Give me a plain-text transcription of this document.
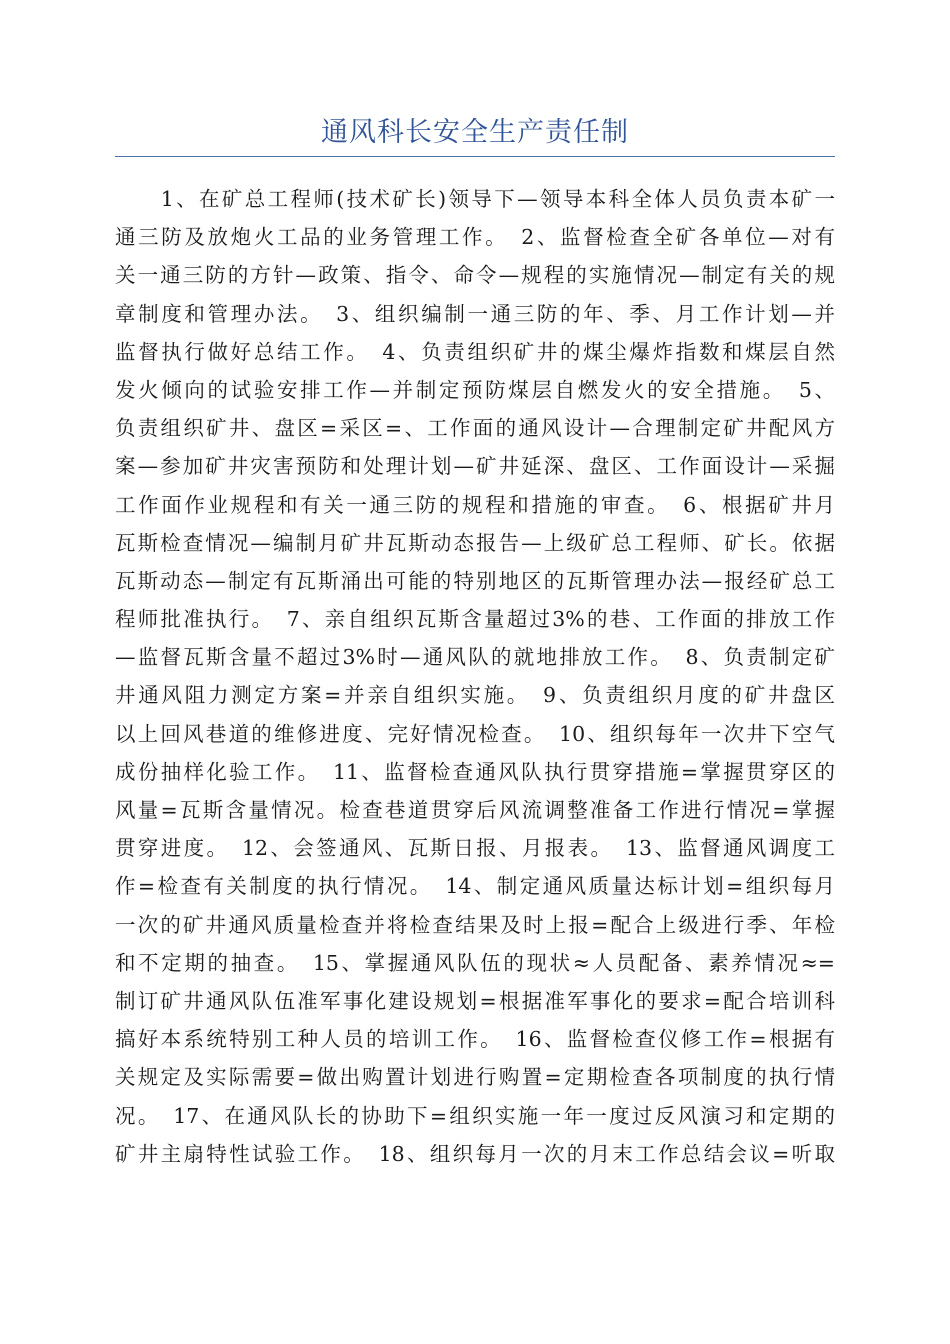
通风科长安全生产责任制
　　1、在矿总工程师(技术矿长)领导下—领导本科全体人员负责本矿一
通三防及放炮火工品的业务管理工作。　2、监督检查全矿各单位—对有
关一通三防的方针—政策、指令、命令—规程的实施情况—制定有关的规
章制度和管理办法。　3、组织编制一通三防的年、季、月工作计划—并
监督执行做好总结工作。　4、负责组织矿井的煤尘爆炸指数和煤层自然
发火倾向的试验安排工作—并制定预防煤层自燃发火的安全措施。　5、
负责组织矿井、盘区=采区=、工作面的通风设计—合理制定矿井配风方
案—参加矿井灾害预防和处理计划—矿井延深、盘区、工作面设计—采掘
工作面作业规程和有关一通三防的规程和措施的审查。　6、根据矿井月
瓦斯检查情况—编制月矿井瓦斯动态报告—上级矿总工程师、矿长。依据
瓦斯动态—制定有瓦斯涌出可能的特别地区的瓦斯管理办法—报经矿总工
程师批准执行。　7、亲自组织瓦斯含量超过3%的巷、工作面的排放工作
—监督瓦斯含量不超过3%时—通风队的就地排放工作。　8、负责制定矿
井通风阻力测定方案=并亲自组织实施。　9、负责组织月度的矿井盘区
以上回风巷道的维修进度、完好情况检查。　10、组织每年一次井下空气
成份抽样化验工作。　11、监督检查通风队执行贯穿措施=掌握贯穿区的
风量=瓦斯含量情况。检查巷道贯穿后风流调整准备工作进行情况=掌握
贯穿进度。　12、会签通风、瓦斯日报、月报表。　13、监督通风调度工
作=检查有关制度的执行情况。　14、制定通风质量达标计划=组织每月
一次的矿井通风质量检查并将检查结果及时上报=配合上级进行季、年检
和不定期的抽查。　15、掌握通风队伍的现状≈人员配备、素养情况≈=
制订矿井通风队伍准军事化建设规划=根据准军事化的要求=配合培训科
搞好本系统特别工种人员的培训工作。　16、监督检查仪修工作=根据有
关规定及实际需要=做出购置计划进行购置=定期检查各项制度的执行情
况。　17、在通风队长的协助下=组织实施一年一度过反风演习和定期的
矿井主扇特性试验工作。　18、组织每月一次的月末工作总结会议=听取
